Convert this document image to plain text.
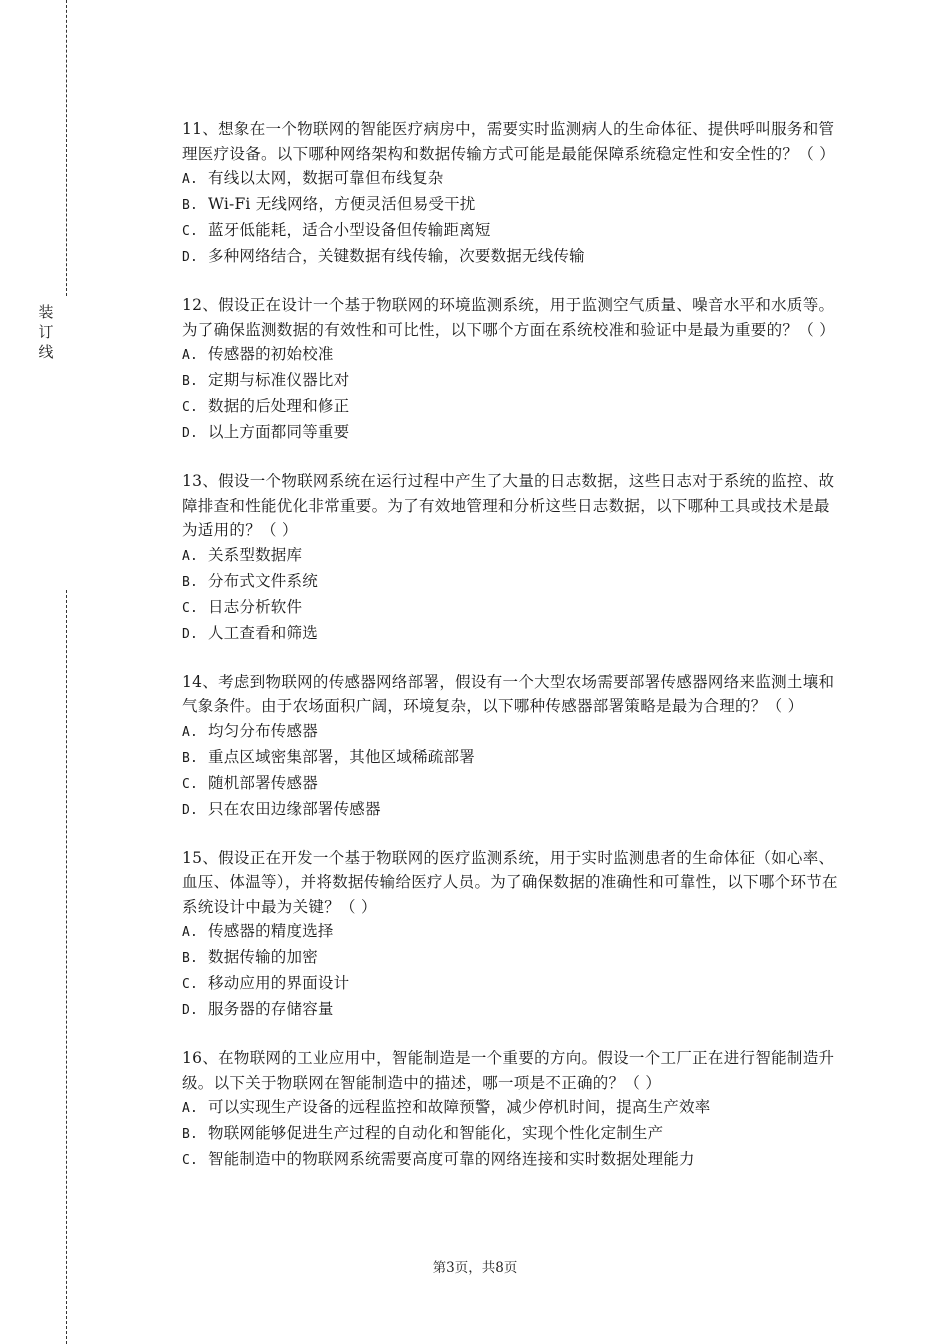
装
订
线

11、想象在一个物联网的智能医疗病房中，需要实时监测病人的生命体征、提供呼叫服务和管理医疗设备。以下哪种网络架构和数据传输方式可能是最能保障系统稳定性和安全性的？（ ）

A. 有线以太网，数据可靠但布线复杂
B. Wi-Fi 无线网络，方便灵活但易受干扰
C. 蓝牙低能耗，适合小型设备但传输距离短
D. 多种网络结合，关键数据有线传输，次要数据无线传输

12、假设正在设计一个基于物联网的环境监测系统，用于监测空气质量、噪音水平和水质等。为了确保监测数据的有效性和可比性，以下哪个方面在系统校准和验证中是最为重要的？（ ）

A. 传感器的初始校准
B. 定期与标准仪器比对
C. 数据的后处理和修正
D. 以上方面都同等重要

13、假设一个物联网系统在运行过程中产生了大量的日志数据，这些日志对于系统的监控、故障排查和性能优化非常重要。为了有效地管理和分析这些日志数据，以下哪种工具或技术是最为适用的？（ ）

A. 关系型数据库
B. 分布式文件系统
C. 日志分析软件
D. 人工查看和筛选

14、考虑到物联网的传感器网络部署，假设有一个大型农场需要部署传感器网络来监测土壤和气象条件。由于农场面积广阔，环境复杂，以下哪种传感器部署策略是最为合理的？（ ）

A. 均匀分布传感器
B. 重点区域密集部署，其他区域稀疏部署
C. 随机部署传感器
D. 只在农田边缘部署传感器

15、假设正在开发一个基于物联网的医疗监测系统，用于实时监测患者的生命体征（如心率、血压、体温等），并将数据传输给医疗人员。为了确保数据的准确性和可靠性，以下哪个环节在系统设计中最为关键？（ ）

A. 传感器的精度选择
B. 数据传输的加密
C. 移动应用的界面设计
D. 服务器的存储容量

16、在物联网的工业应用中，智能制造是一个重要的方向。假设一个工厂正在进行智能制造升级。以下关于物联网在智能制造中的描述，哪一项是不正确的？（ ）

A. 可以实现生产设备的远程监控和故障预警，减少停机时间，提高生产效率
B. 物联网能够促进生产过程的自动化和智能化，实现个性化定制生产
C. 智能制造中的物联网系统需要高度可靠的网络连接和实时数据处理能力
第3页，共8页
